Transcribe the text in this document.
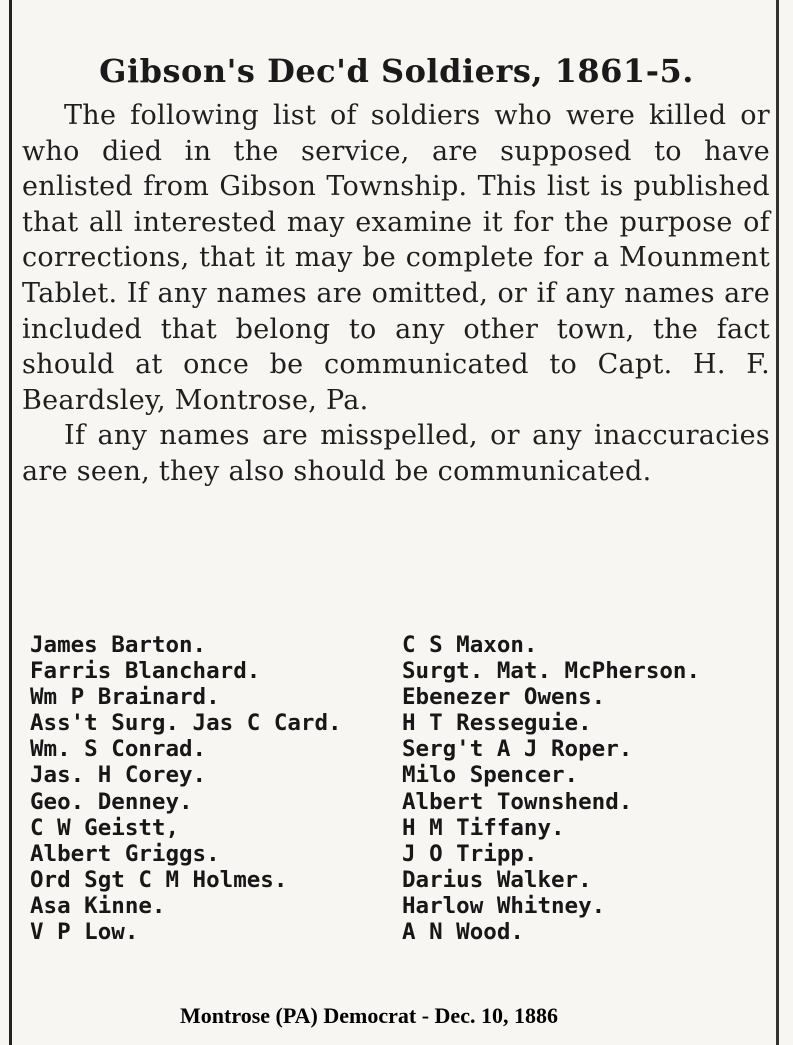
Gibson's Dec'd Soldiers, 1861-5.

The following list of soldiers who were killed or who died in the service, are supposed to have enlisted from Gibson Township. This list is published that all interested may examine it for the purpose of corrections, that it may be complete for a Mounment Tablet. If any names are omitted, or if any names are included that belong to any other town, the fact should at once be communicated to Capt. H. F. Beardsley, Montrose, Pa.

If any names are misspelled, or any inaccuracies are seen, they also should be communicated.

James Barton.
Farris Blanchard.
Wm P Brainard.
Ass't Surg. Jas C Card.
Wm. S Conrad.
Jas. H Corey.
Geo. Denney.
C W Geistt,
Albert Griggs.
Ord Sgt C M Holmes.
Asa Kinne.
V P Low.
C S Maxon.
Surgt. Mat. McPherson.
Ebenezer Owens.
H T Resseguie.
Serg't A J Roper.
Milo Spencer.
Albert Townshend.
H M Tiffany.
J O Tripp.
Darius Walker.
Harlow Whitney.
A N Wood.
Montrose (PA) Democrat - Dec. 10, 1886
